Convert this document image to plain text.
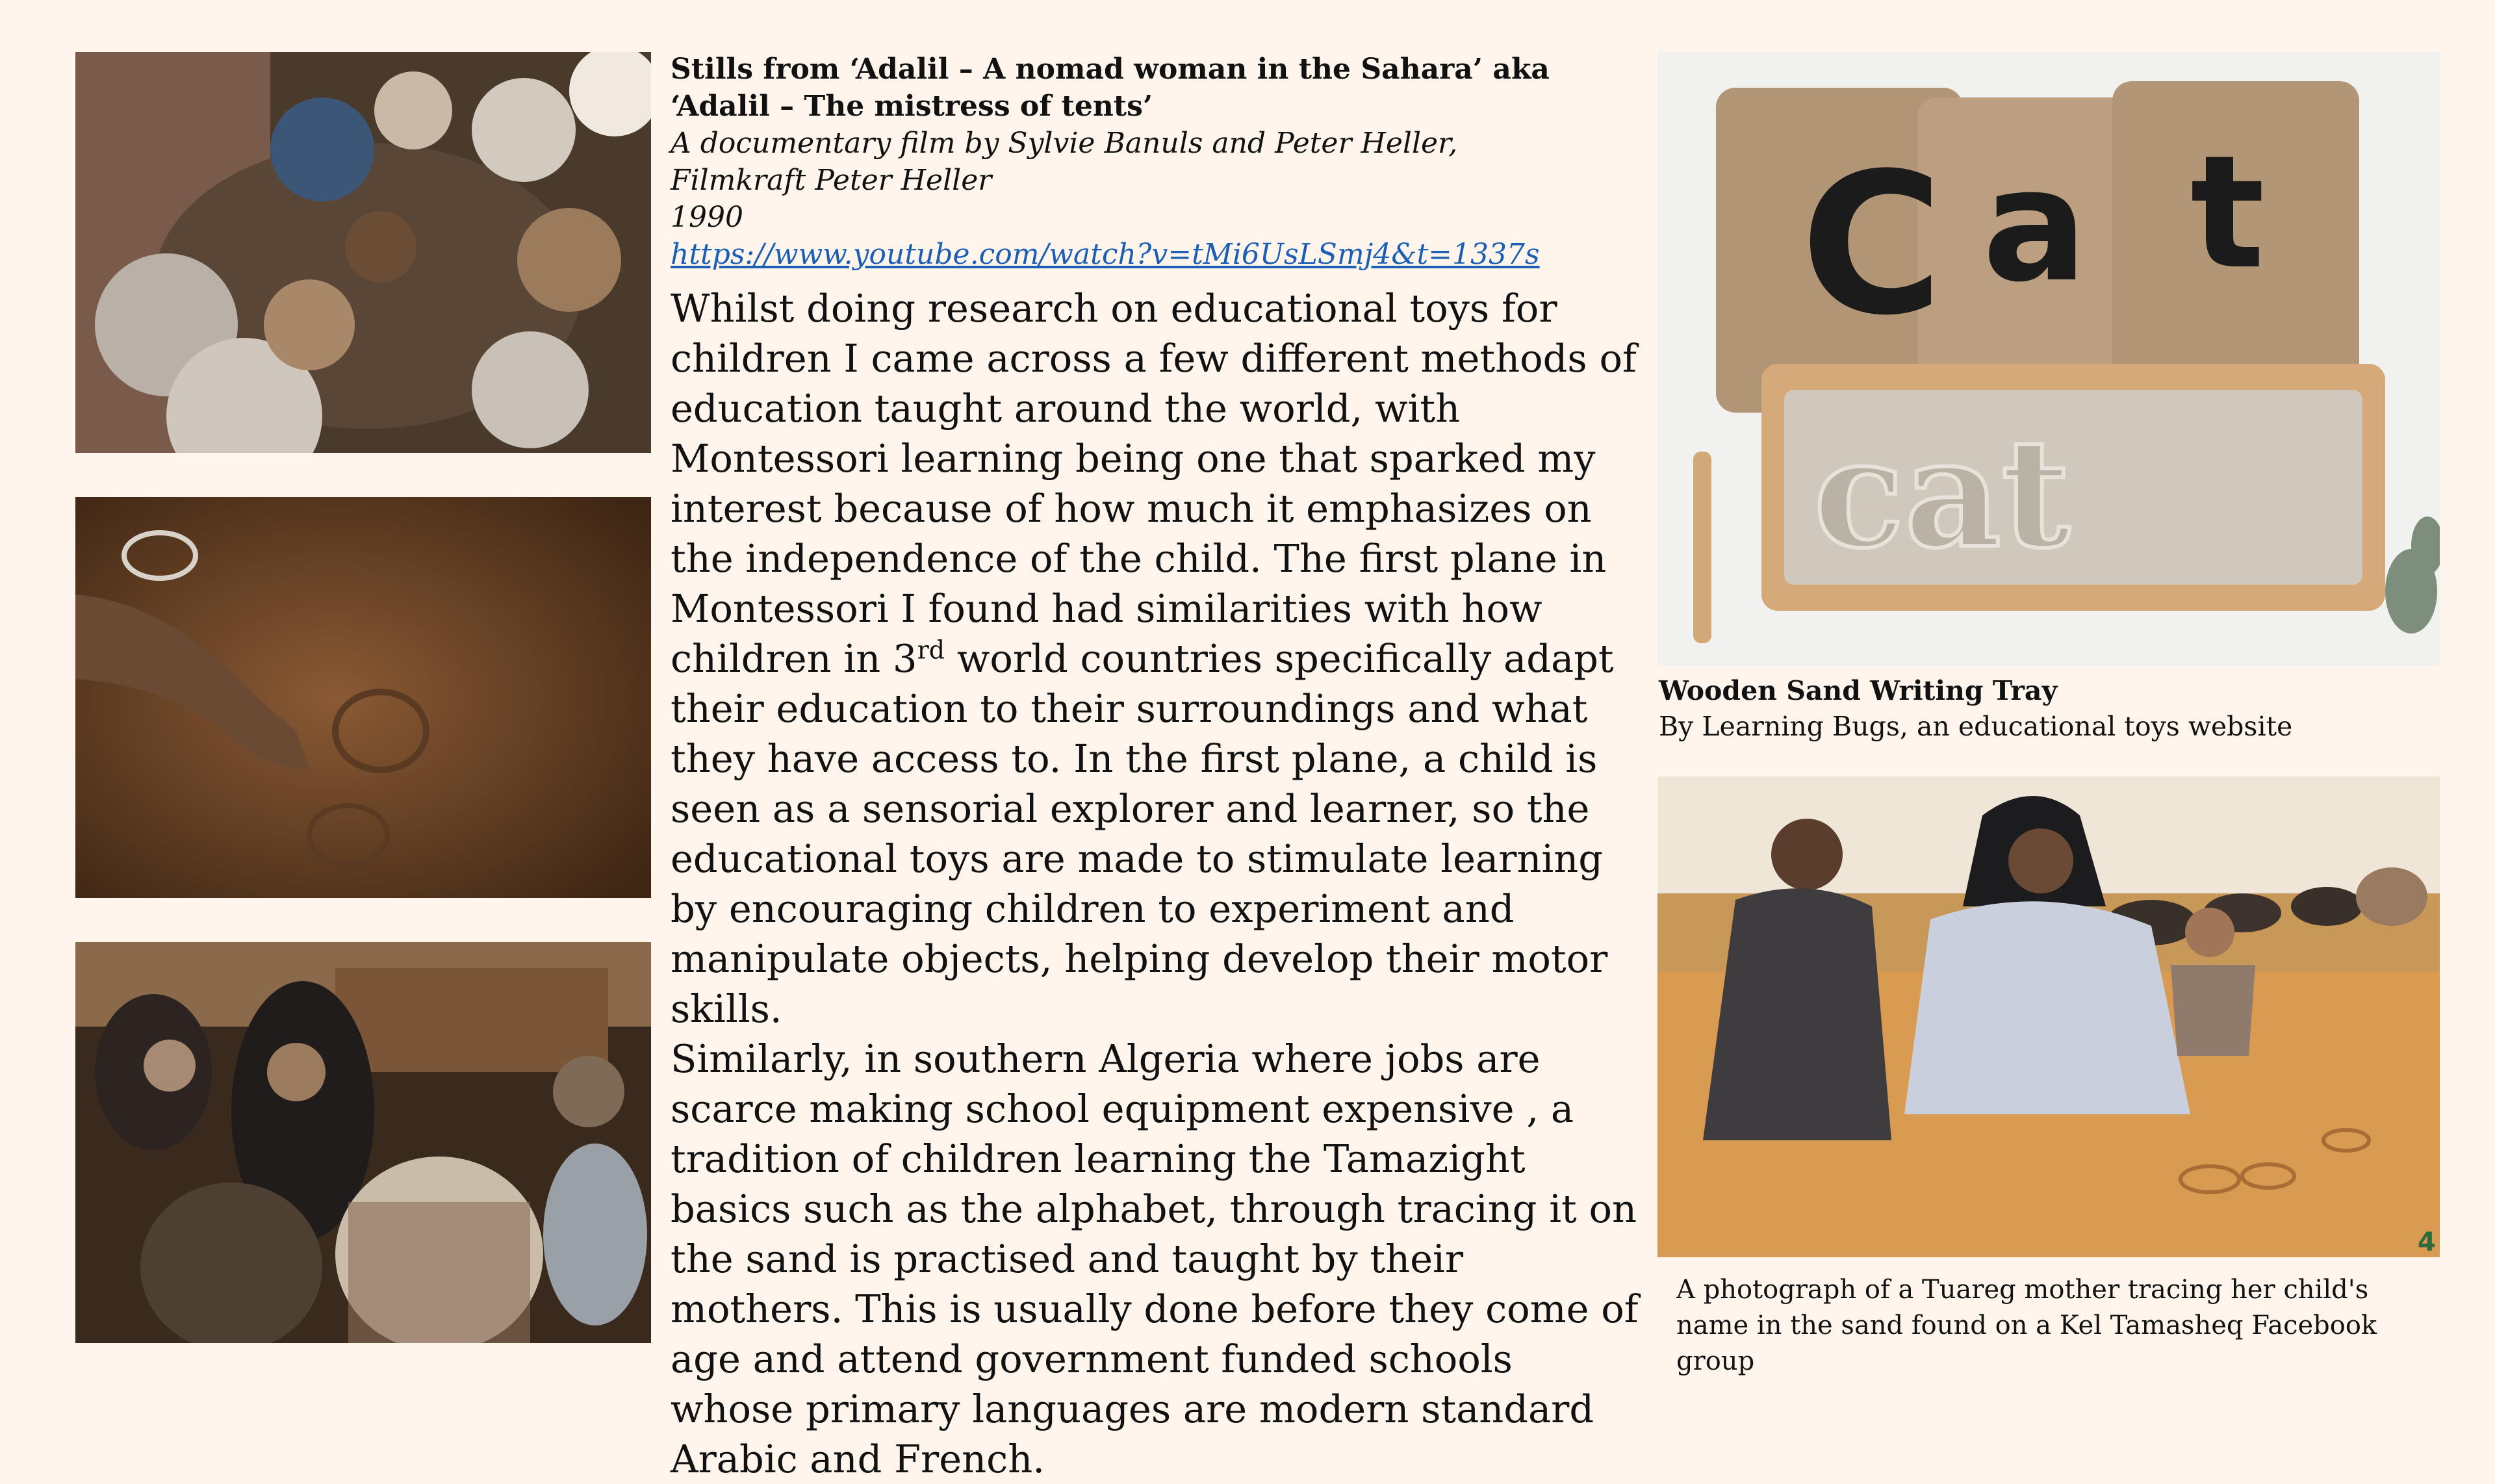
Stills from ‘Adalil – A nomad woman in the Sahara’ aka
‘Adalil – The mistress of tents’
A documentary film by Sylvie Banuls and Peter Heller,
Filmkraft Peter Heller
1990
https://www.youtube.com/watch?v=tMi6UsLSmj4&t=1337s

Whilst doing research on educational toys for children I came across a few different methods of education taught around the world, with Montessori learning being one that sparked my interest because of how much it emphasizes on the independence of the child. The first plane in Montessori I found had similarities with how children in 3rd world countries specifically adapt their education to their surroundings and what they have access to. In the first plane, a child is seen as a sensorial explorer and learner, so the educational toys are made to stimulate learning by encouraging children to experiment and manipulate objects, helping develop their motor skills.

Similarly, in southern Algeria where jobs are scarce making school equipment expensive , a tradition of children learning the Tamazight basics such as the alphabet, through tracing it on the sand is practised and taught by their mothers. This is usually done before they come of age and attend government funded schools whose primary languages are modern standard Arabic and French.

C a t
cat
Wooden Sand Writing Tray
By Learning Bugs, an educational toys website
4
A photograph of a Tuareg mother tracing her child's name in the sand found on a Kel Tamasheq Facebook group
